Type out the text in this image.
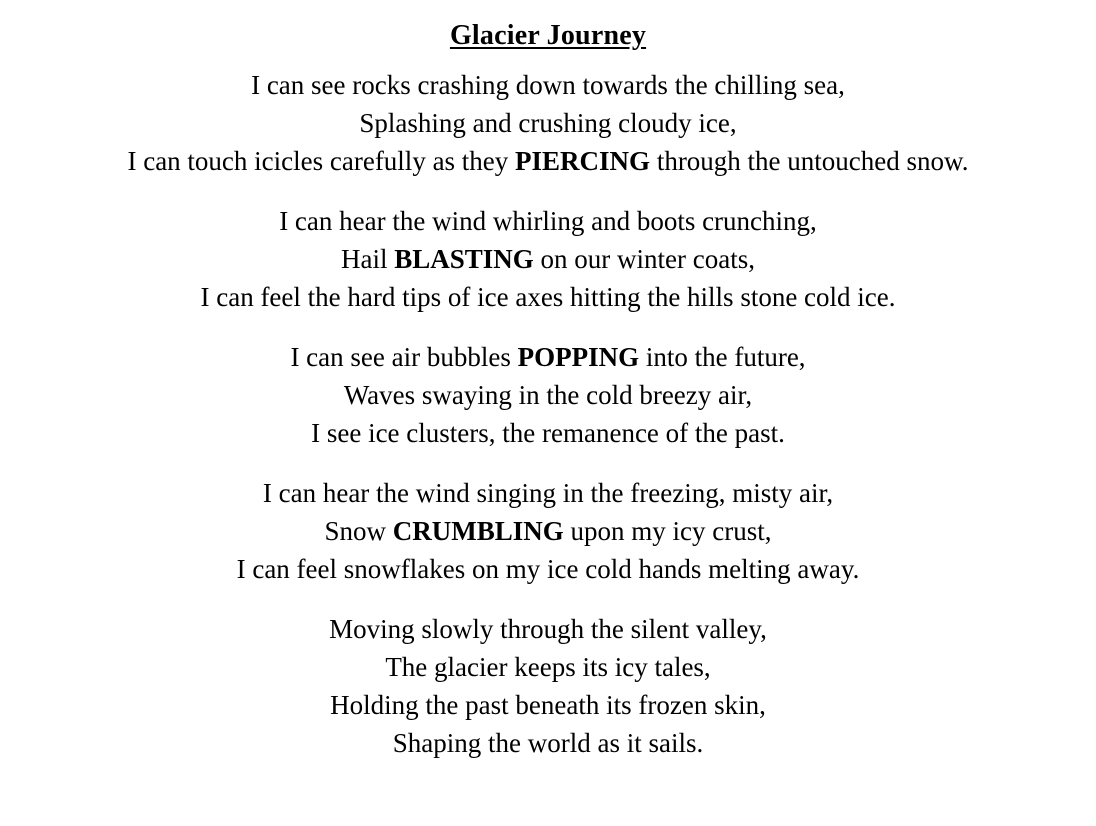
Glacier Journey
I can see rocks crashing down towards the chilling sea,
Splashing and crushing cloudy ice,
I can touch icicles carefully as they PIERCING through the untouched snow.
I can hear the wind whirling and boots crunching,
Hail BLASTING on our winter coats,
I can feel the hard tips of ice axes hitting the hills stone cold ice.
I can see air bubbles POPPING into the future,
Waves swaying in the cold breezy air,
I see ice clusters, the remanence of the past.
I can hear the wind singing in the freezing, misty air,
Snow CRUMBLING upon my icy crust,
I can feel snowflakes on my ice cold hands melting away.
Moving slowly through the silent valley,
The glacier keeps its icy tales,
Holding the past beneath its frozen skin,
Shaping the world as it sails.
